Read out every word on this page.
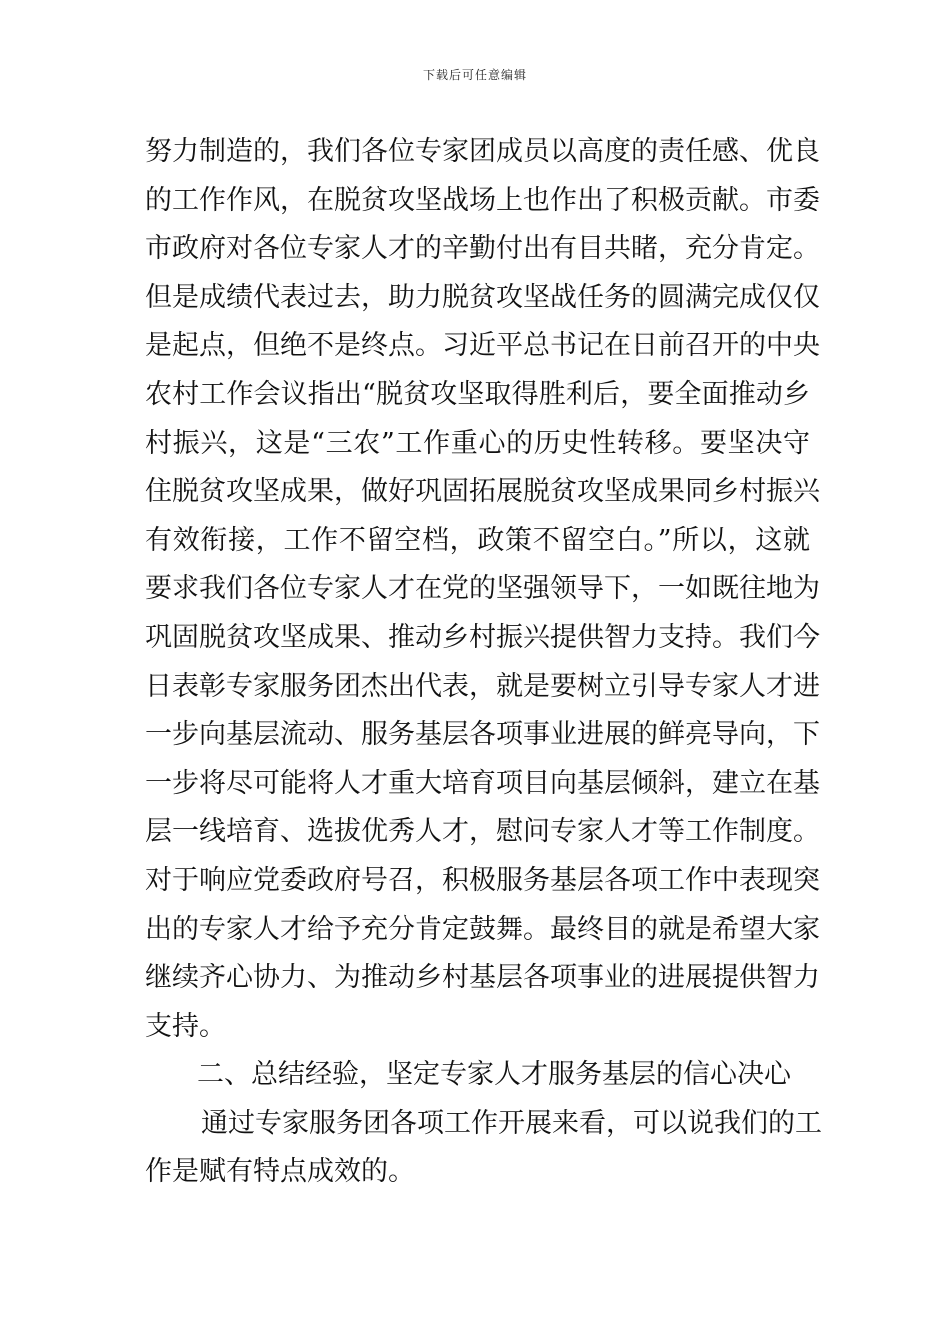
下载后可任意编辑
努力制造的，我们各位专家团成员以高度的责任感、优良
的工作作风，在脱贫攻坚战场上也作出了积极贡献。市委
市政府对各位专家人才的辛勤付出有目共睹，充分肯定。
但是成绩代表过去，助力脱贫攻坚战任务的圆满完成仅仅
是起点，但绝不是终点。习近平总书记在日前召开的中央
农村工作会议指出“脱贫攻坚取得胜利后，要全面推动乡
村振兴，这是“三农”工作重心的历史性转移。要坚决守
住脱贫攻坚成果，做好巩固拓展脱贫攻坚成果同乡村振兴
有效衔接，工作不留空档，政策不留空白。”所以，这就
要求我们各位专家人才在党的坚强领导下，一如既往地为
巩固脱贫攻坚成果、推动乡村振兴提供智力支持。我们今
日表彰专家服务团杰出代表，就是要树立引导专家人才进
一步向基层流动、服务基层各项事业进展的鲜亮导向，下
一步将尽可能将人才重大培育项目向基层倾斜，建立在基
层一线培育、选拔优秀人才，慰问专家人才等工作制度。
对于响应党委政府号召，积极服务基层各项工作中表现突
出的专家人才给予充分肯定鼓舞。最终目的就是希望大家
继续齐心协力、为推动乡村基层各项事业的进展提供智力
支持。
二、总结经验，坚定专家人才服务基层的信心决心
通过专家服务团各项工作开展来看，可以说我们的工
作是赋有特点成效的。
